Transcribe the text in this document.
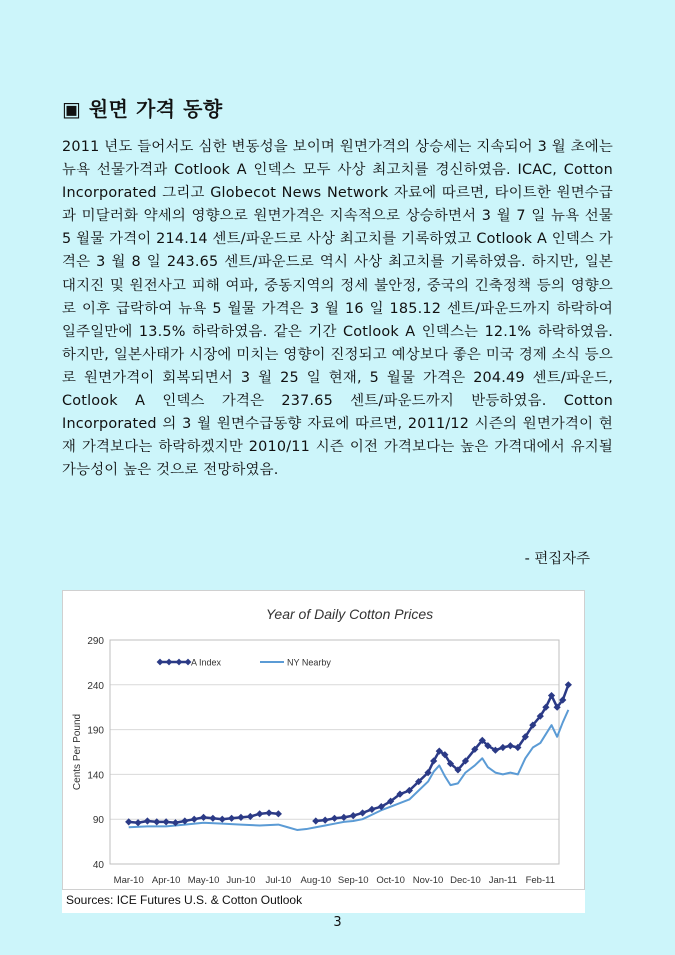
▣ 원면 가격 동향

2011 년도 들어서도 심한 변동성을 보이며 원면가격의 상승세는 지속되어 3 월 초에는 뉴욕 선물가격과 Cotlook A 인덱스 모두 사상 최고치를 경신하였음. ICAC, Cotton Incorporated 그리고 Globecot News Network 자료에 따르면, 타이트한 원면수급과 미달러화 약세의 영향으로 원면가격은 지속적으로 상승하면서 3 월 7 일 뉴욕 선물 5 월물 가격이 214.14 센트/파운드로 사상 최고치를 기록하였고 Cotlook A 인덱스 가격은 3 월 8 일 243.65 센트/파운드로 역시 사상 최고치를 기록하였음. 하지만, 일본 대지진 및 원전사고 피해 여파, 중동지역의 정세 불안정, 중국의 긴축정책 등의 영향으로 이후 급락하여 뉴욕 5 월물 가격은 3 월 16 일 185.12 센트/파운드까지 하락하여 일주일만에 13.5% 하락하였음. 같은 기간 Cotlook A 인덱스는 12.1% 하락하였음. 하지만, 일본사태가 시장에 미치는 영향이 진정되고 예상보다 좋은 미국 경제 소식 등으로 원면가격이 회복되면서 3 월 25 일 현재, 5 월물 가격은 204.49 센트/파운드, Cotlook A 인덱스 가격은 237.65 센트/파운드까지 반등하였음. Cotton Incorporated 의 3 월 원면수급동향 자료에 따르면, 2011/12 시즌의 원면가격이 현재 가격보다는 하락하겠지만 2010/11 시즌 이전 가격보다는 높은 가격대에서 유지될 가능성이 높은 것으로 전망하였음.

- 편집자주

Year of Daily Cotton Prices
40
90
140
190
240
290
Mar-10 Apr-10 May-10 Jun-10 Jul-10 Aug-10 Sep-10 Oct-10 Nov-10 Dec-10 Jan-11 Feb-11
Cents Per Pound
A Index	NY Nearby
Sources: ICE Futures U.S. & Cotton Outlook
3
